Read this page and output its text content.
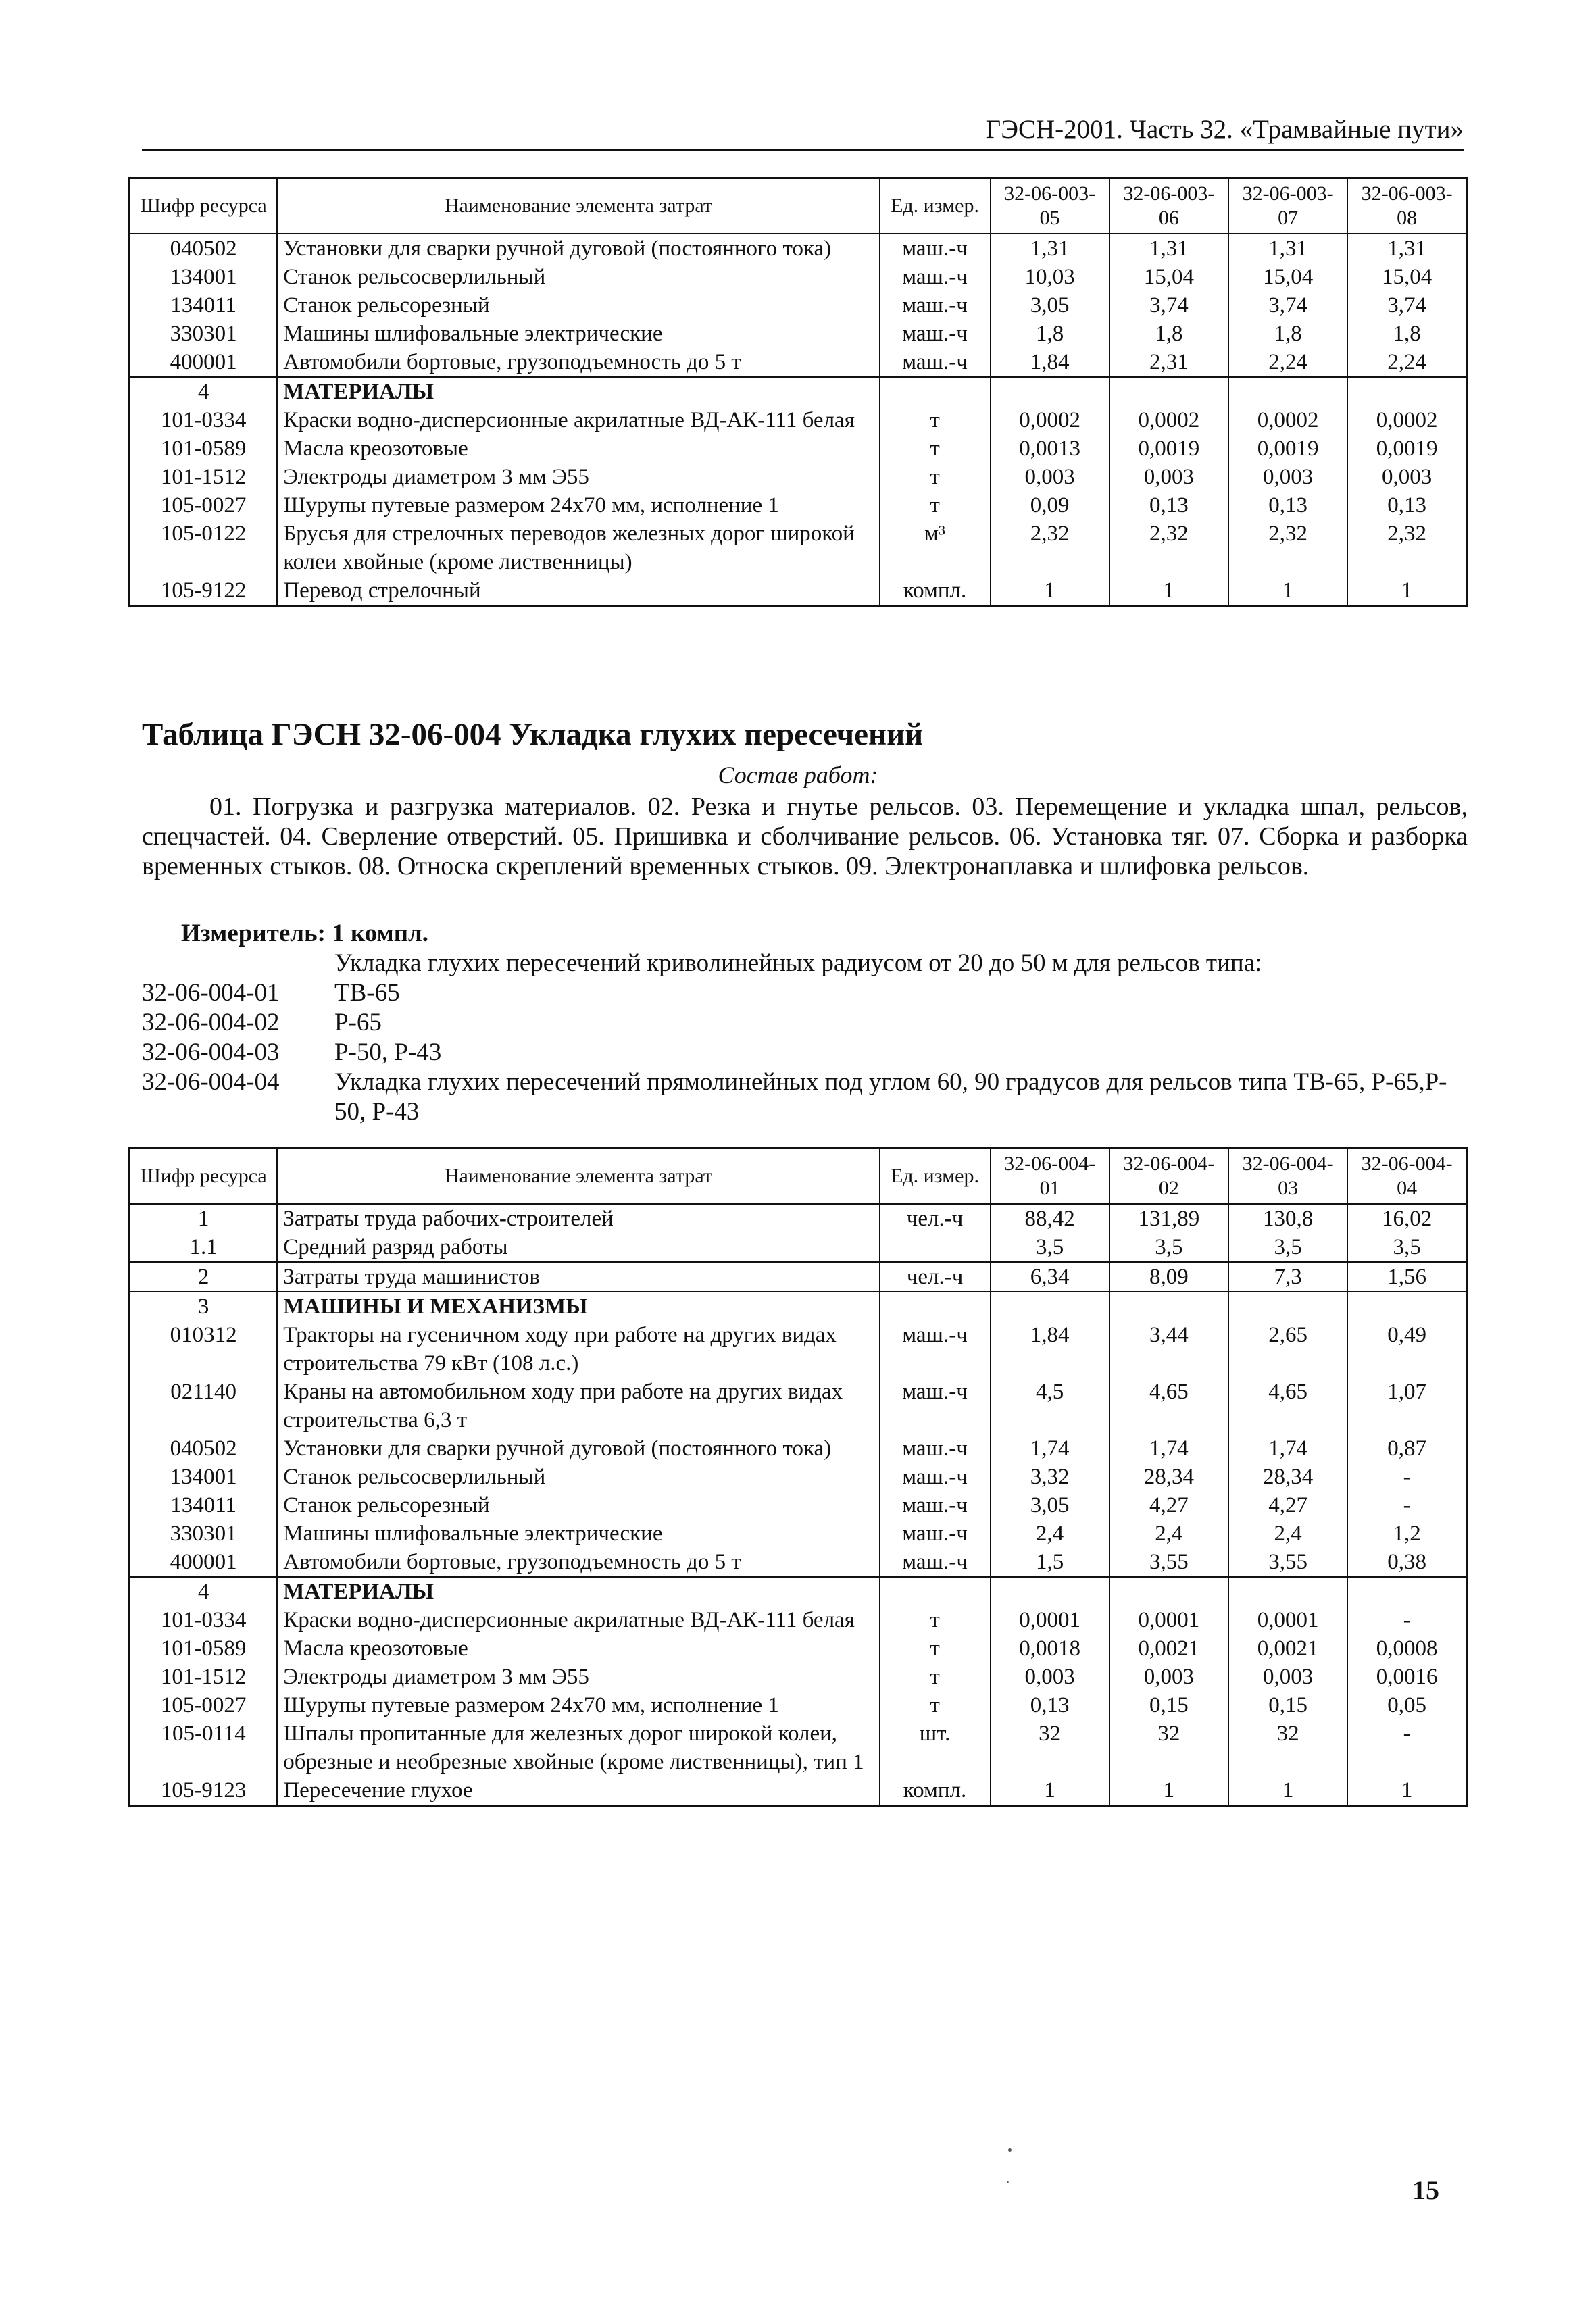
ГЭСН-2001. Часть 32. «Трамвайные пути»
Шифр ресурса	Наименование элемента затрат	Ед. измер.	32-06-003-05	32-06-003-06	32-06-003-07	32-06-003-08
040502	Установки для сварки ручной дуговой (постоянного тока)	маш.-ч	1,31	1,31	1,31	1,31
134001	Станок рельсосверлильный	маш.-ч	10,03	15,04	15,04	15,04
134011	Станок рельсорезный	маш.-ч	3,05	3,74	3,74	3,74
330301	Машины шлифовальные электрические	маш.-ч	1,8	1,8	1,8	1,8
400001	Автомобили бортовые, грузоподъемность до 5 т	маш.-ч	1,84	2,31	2,24	2,24
4	МАТЕРИАЛЫ					
101-0334	Краски водно-дисперсионные акрилатные ВД-АК-111 белая	т	0,0002	0,0002	0,0002	0,0002
101-0589	Масла креозотовые	т	0,0013	0,0019	0,0019	0,0019
101-1512	Электроды диаметром 3 мм Э55	т	0,003	0,003	0,003	0,003
105-0027	Шурупы путевые размером 24х70 мм, исполнение 1	т	0,09	0,13	0,13	0,13
105-0122	Брусья для стрелочных переводов железных дорог широкой колеи хвойные (кроме лиственницы)	м³	2,32	2,32	2,32	2,32
105-9122	Перевод стрелочный	компл.	1	1	1	1
Таблица ГЭСН 32-06-004 Укладка глухих пересечений
Состав работ:
01. Погрузка и разгрузка материалов. 02. Резка и гнутье рельсов. 03. Перемещение и укладка шпал, рельсов, спецчастей. 04. Сверление отверстий. 05. Пришивка и сболчивание рельсов. 06. Установка тяг. 07. Сборка и разборка временных стыков. 08. Относка скреплений временных стыков. 09. Электронаплавка и шлифовка рельсов.
Измеритель: 1 компл.
Укладка глухих пересечений криволинейных радиусом от 20 до 50 м для рельсов типа:
32-06-004-01	ТВ-65
32-06-004-02	Р-65
32-06-004-03	Р-50, Р-43
32-06-004-04	Укладка глухих пересечений прямолинейных под углом 60, 90 градусов для рельсов типа ТВ-65, Р-65,Р- 50, Р-43
Шифр ресурса	Наименование элемента затрат	Ед. измер.	32-06-004-01	32-06-004-02	32-06-004-03	32-06-004-04
1	Затраты труда рабочих-строителей	чел.-ч	88,42	131,89	130,8	16,02
1.1	Средний разряд работы		3,5	3,5	3,5	3,5
2	Затраты труда машинистов	чел.-ч	6,34	8,09	7,3	1,56
3	МАШИНЫ И МЕХАНИЗМЫ					
010312	Тракторы на гусеничном ходу при работе на других видах строительства 79 кВт (108 л.с.)	маш.-ч	1,84	3,44	2,65	0,49
021140	Краны на автомобильном ходу при работе на других видах строительства 6,3 т	маш.-ч	4,5	4,65	4,65	1,07
040502	Установки для сварки ручной дуговой (постоянного тока)	маш.-ч	1,74	1,74	1,74	0,87
134001	Станок рельсосверлильный	маш.-ч	3,32	28,34	28,34	-
134011	Станок рельсорезный	маш.-ч	3,05	4,27	4,27	-
330301	Машины шлифовальные электрические	маш.-ч	2,4	2,4	2,4	1,2
400001	Автомобили бортовые, грузоподъемность до 5 т	маш.-ч	1,5	3,55	3,55	0,38
4	МАТЕРИАЛЫ					
101-0334	Краски водно-дисперсионные акрилатные ВД-АК-111 белая	т	0,0001	0,0001	0,0001	-
101-0589	Масла креозотовые	т	0,0018	0,0021	0,0021	0,0008
101-1512	Электроды диаметром 3 мм Э55	т	0,003	0,003	0,003	0,0016
105-0027	Шурупы путевые размером 24х70 мм, исполнение 1	т	0,13	0,15	0,15	0,05
105-0114	Шпалы пропитанные для железных дорог широкой колеи, обрезные и необрезные хвойные (кроме лиственницы), тип 1	шт.	32	32	32	-
105-9123	Пересечение глухое	компл.	1	1	1	1
15
